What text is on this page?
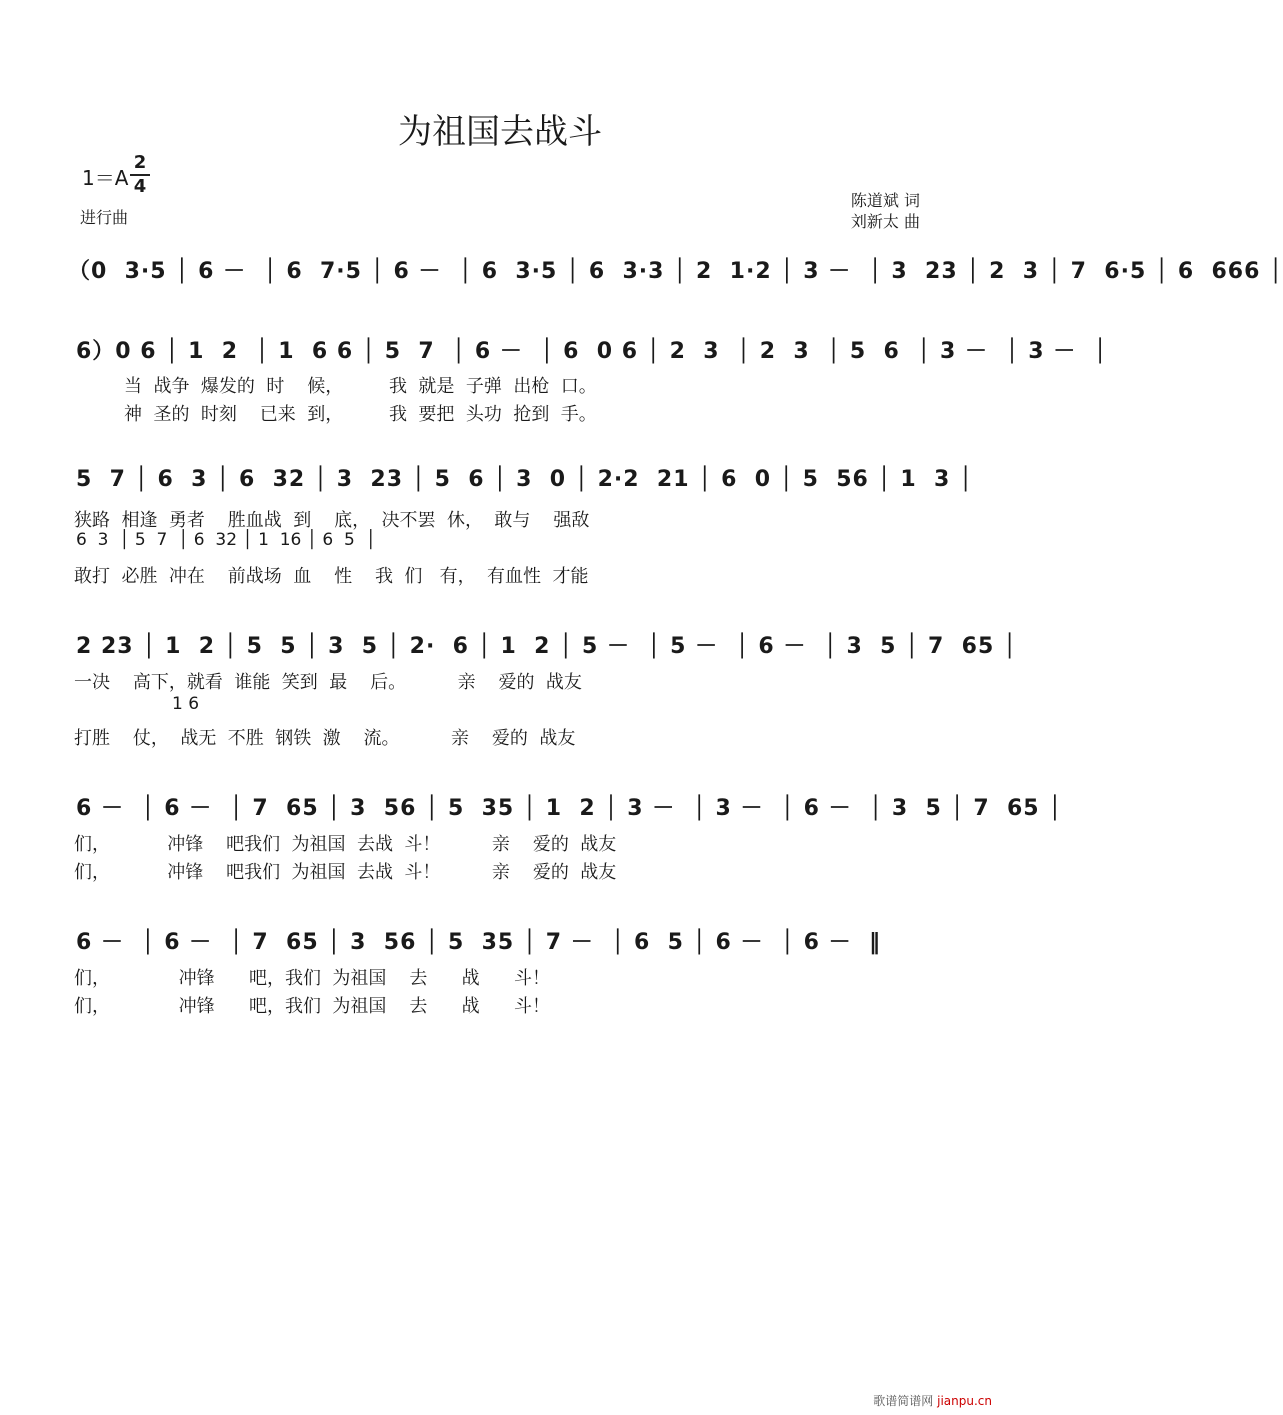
为祖国去战斗
1＝A
2
4
进行曲
陈道斌 词
刘新太 曲
（0  3·5 │ 6 －  │ 6  7·5 │ 6 －  │ 6  3·5 │ 6  3·3 │ 2  1·2 │ 3 －  │ 3  23 │ 2  3 │ 7  6·5 │ 6  666 │
6）0 6 │ 1  2  │ 1  6 6 │ 5  7  │ 6 －  │ 6  0 6 │ 2  3  │ 2  3  │ 5  6  │ 3 －  │ 3 －  │
当  战争  爆发的  时    候，        我  就是  子弹  出枪  口。
神  圣的  时刻    已来  到，        我  要把  头功  抢到  手。
5  7 │ 6  3 │ 6  32 │ 3  23 │ 5  6 │ 3  0 │ 2·2  21 │ 6  0 │ 5  56 │ 1  3 │
狭路  相逢  勇者    胜血战  到    底，  决不罢  休，  敢与    强敌
6  3  │ 5  7  │ 6  32 │ 1  16 │ 6  5  │
敢打  必胜  冲在    前战场  血    性    我  们   有，  有血性  才能
2 23 │ 1  2 │ 5  5 │ 3  5 │ 2·  6 │ 1  2 │ 5 －  │ 5 －  │ 6 －  │ 3  5 │ 7  65 │
一决    高下，就看  谁能  笑到  最    后。         亲    爱的  战友
1 6
打胜    仗，  战无  不胜  钢铁  激    流。         亲    爱的  战友
6 －  │ 6 －  │ 7  65 │ 3  56 │ 5  35 │ 1  2 │ 3 －  │ 3 －  │ 6 －  │ 3  5 │ 7  65 │
们，          冲锋    吧我们  为祖国  去战  斗！         亲    爱的  战友
们，          冲锋    吧我们  为祖国  去战  斗！         亲    爱的  战友
6 －  │ 6 －  │ 7  65 │ 3  56 │ 5  35 │ 7 －  │ 6  5 │ 6 －  │ 6 －  ‖
们，            冲锋      吧，我们  为祖国    去      战      斗！
们，            冲锋      吧，我们  为祖国    去      战      斗！
歌谱简谱网 jianpu.cn
